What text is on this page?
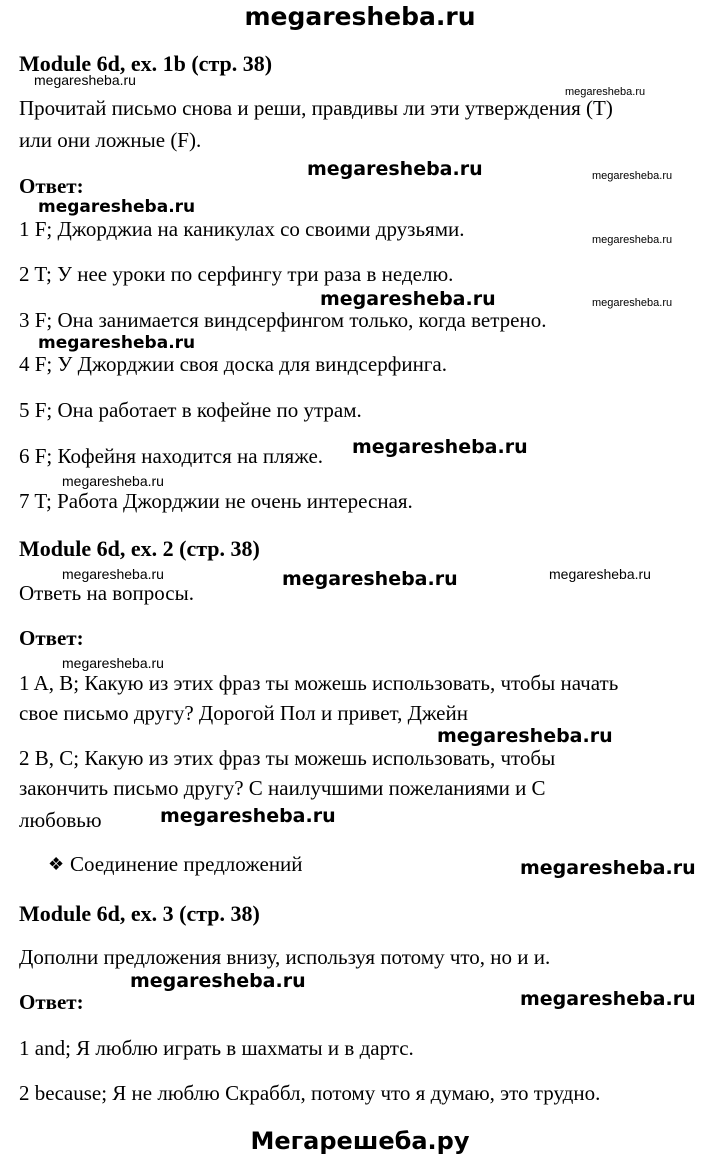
megaresheba.ru
Module 6d, ex. 1b (стр. 38)
Прочитай письмо снова и реши, правдивы ли эти утверждения (T)
или они ложные (F).
Ответ:
1 F; Джорджиа на каникулах со своими друзьями.
2 T; У нее уроки по серфингу три раза в неделю.
3 F; Она занимается виндсерфингом только, когда ветрено.
4 F; У Джорджии своя доска для виндсерфинга.
5 F; Она работает в кофейне по утрам.
6 F; Кофейня находится на пляже.
7 T; Работа Джорджии не очень интересная.
Module 6d, ex. 2 (стр. 38)
Ответь на вопросы.
Ответ:
1 A, B; Какую из этих фраз ты можешь использовать, чтобы начать
свое письмо другу? Дорогой Пол и привет, Джейн
2 B, C; Какую из этих фраз ты можешь использовать, чтобы
закончить письмо другу? С наилучшими пожеланиями и С
любовью
❖ Соединение предложений
Module 6d, ex. 3 (стр. 38)
Дополни предложения внизу, используя потому что, но и и.
Ответ:
1 and; Я люблю играть в шахматы и в дартс.
2 because; Я не люблю Скраббл, потому что я думаю, это трудно.
megaresheba.ru
megaresheba.ru
megaresheba.ru	megaresheba.ru
megaresheba.ru
megaresheba.ru
megaresheba.ru	megaresheba.ru
megaresheba.ru
megaresheba.ru
megaresheba.ru
megaresheba.ru	megaresheba.ru	megaresheba.ru
megaresheba.ru
megaresheba.ru
megaresheba.ru
megaresheba.ru
megaresheba.ru
megaresheba.ru
Мегарешеба.ру
